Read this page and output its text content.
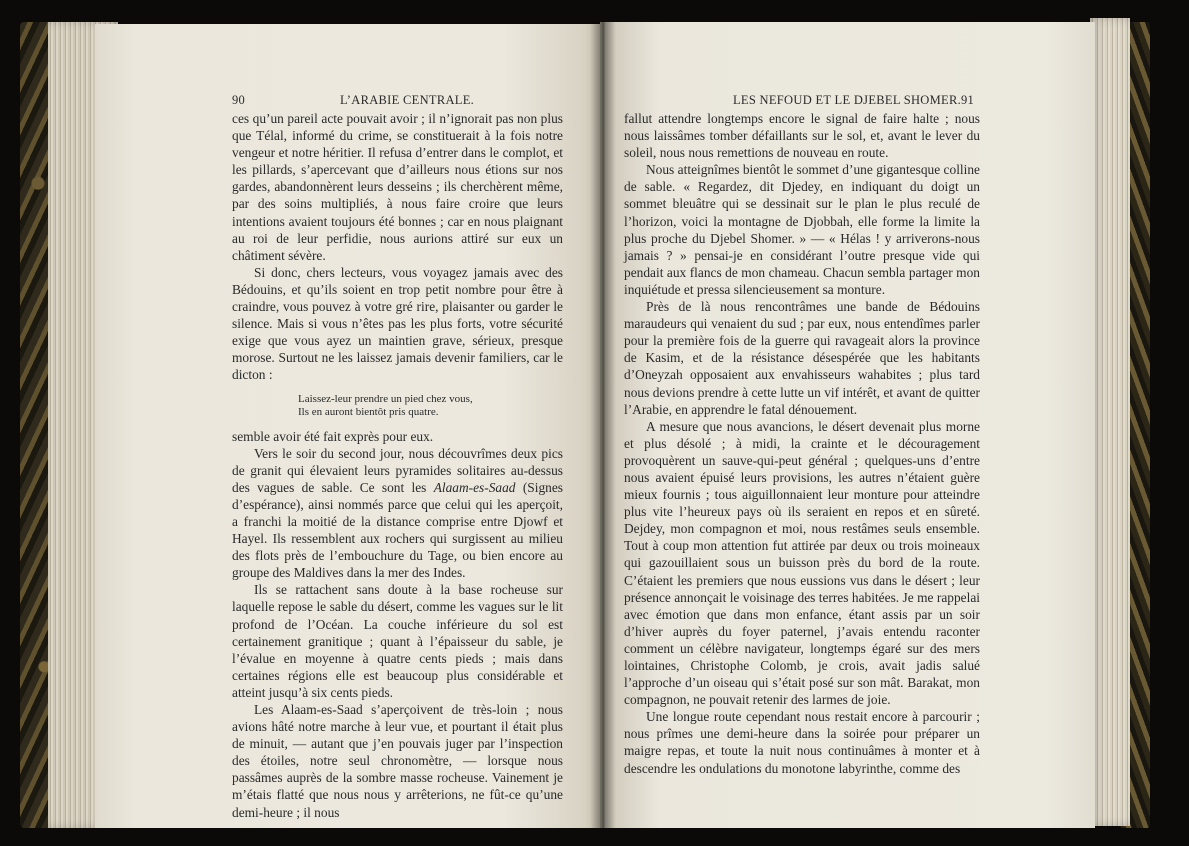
90	L’ARABIE CENTRALE.

ces qu’un pareil acte pouvait avoir ; il n’ignorait pas non plus que Télal, informé du crime, se constituerait à la fois notre vengeur et notre héritier. Il refusa d’entrer dans le complot, et les pillards, s’apercevant que d’ailleurs nous étions sur nos gardes, abandonnèrent leurs desseins ; ils cherchèrent même, par des soins multipliés, à nous faire croire que leurs intentions avaient toujours été bonnes ; car en nous plaignant au roi de leur perfidie, nous aurions attiré sur eux un châtiment sévère.

Si donc, chers lecteurs, vous voyagez jamais avec des Bédouins, et qu’ils soient en trop petit nombre pour être à craindre, vous pouvez à votre gré rire, plaisanter ou garder le silence. Mais si vous n’êtes pas les plus forts, votre sécurité exige que vous ayez un maintien grave, sérieux, presque morose. Surtout ne les laissez jamais devenir familiers, car le dicton :

Laissez-leur prendre un pied chez vous,
Ils en auront bientôt pris quatre.

semble avoir été fait exprès pour eux.

Vers le soir du second jour, nous découvrîmes deux pics de granit qui élevaient leurs pyramides solitaires au-dessus des vagues de sable. Ce sont les Alaam-es-Saad (Signes d’espérance), ainsi nommés parce que celui qui les aperçoit, a franchi la moitié de la distance comprise entre Djowf et Hayel. Ils ressemblent aux rochers qui surgissent au milieu des flots près de l’embouchure du Tage, ou bien encore au groupe des Maldives dans la mer des Indes.

Ils se rattachent sans doute à la base rocheuse sur laquelle repose le sable du désert, comme les vagues sur le lit profond de l’Océan. La couche inférieure du sol est certainement granitique ; quant à l’épaisseur du sable, je l’évalue en moyenne à quatre cents pieds ; mais dans certaines régions elle est beaucoup plus considérable et atteint jusqu’à six cents pieds.

Les Alaam-es-Saad s’aperçoivent de très-loin ; nous avions hâté notre marche à leur vue, et pourtant il était plus de minuit, — autant que j’en pouvais juger par l’inspection des étoiles, notre seul chronomètre, — lorsque nous passâmes auprès de la sombre masse rocheuse. Vainement je m’étais flatté que nous nous y arrêterions, ne fût-ce qu’une demi-heure ; il nous

LES NEFOUD ET LE DJEBEL SHOMER. 91

fallut attendre longtemps encore le signal de faire halte ; nous nous laissâmes tomber défaillants sur le sol, et, avant le lever du soleil, nous nous remettions de nouveau en route.

Nous atteignîmes bientôt le sommet d’une gigantesque colline de sable. « Regardez, dit Djedey, en indiquant du doigt un sommet bleuâtre qui se dessinait sur le plan le plus reculé de l’horizon, voici la montagne de Djobbah, elle forme la limite la plus proche du Djebel Shomer. » — « Hélas ! y arriverons-nous jamais ? » pensai-je en considérant l’outre presque vide qui pendait aux flancs de mon chameau. Chacun sembla partager mon inquiétude et pressa silencieusement sa monture.

Près de là nous rencontrâmes une bande de Bédouins maraudeurs qui venaient du sud ; par eux, nous entendîmes parler pour la première fois de la guerre qui ravageait alors la province de Kasim, et de la résistance désespérée que les habitants d’Oneyzah opposaient aux envahisseurs wahabites ; plus tard nous devions prendre à cette lutte un vif intérêt, et avant de quitter l’Arabie, en apprendre le fatal dénouement.

A mesure que nous avancions, le désert devenait plus morne et plus désolé ; à midi, la crainte et le découragement provoquèrent un sauve-qui-peut général ; quelques-uns d’entre nous avaient épuisé leurs provisions, les autres n’étaient guère mieux fournis ; tous aiguillonnaient leur monture pour atteindre plus vite l’heureux pays où ils seraient en repos et en sûreté. Dejdey, mon compagnon et moi, nous restâmes seuls ensemble. Tout à coup mon attention fut attirée par deux ou trois moineaux qui gazouillaient sous un buisson près du bord de la route. C’étaient les premiers que nous eussions vus dans le désert ; leur présence annonçait le voisinage des terres habitées. Je me rappelai avec émotion que dans mon enfance, étant assis par un soir d’hiver auprès du foyer paternel, j’avais entendu raconter comment un célèbre navigateur, longtemps égaré sur des mers lointaines, Christophe Colomb, je crois, avait jadis salué l’approche d’un oiseau qui s’était posé sur son mât. Barakat, mon compagnon, ne pouvait retenir des larmes de joie.

Une longue route cependant nous restait encore à parcourir ; nous prîmes une demi-heure dans la soirée pour préparer un maigre repas, et toute la nuit nous continuâmes à monter et à descendre les ondulations du monotone labyrinthe, comme des
